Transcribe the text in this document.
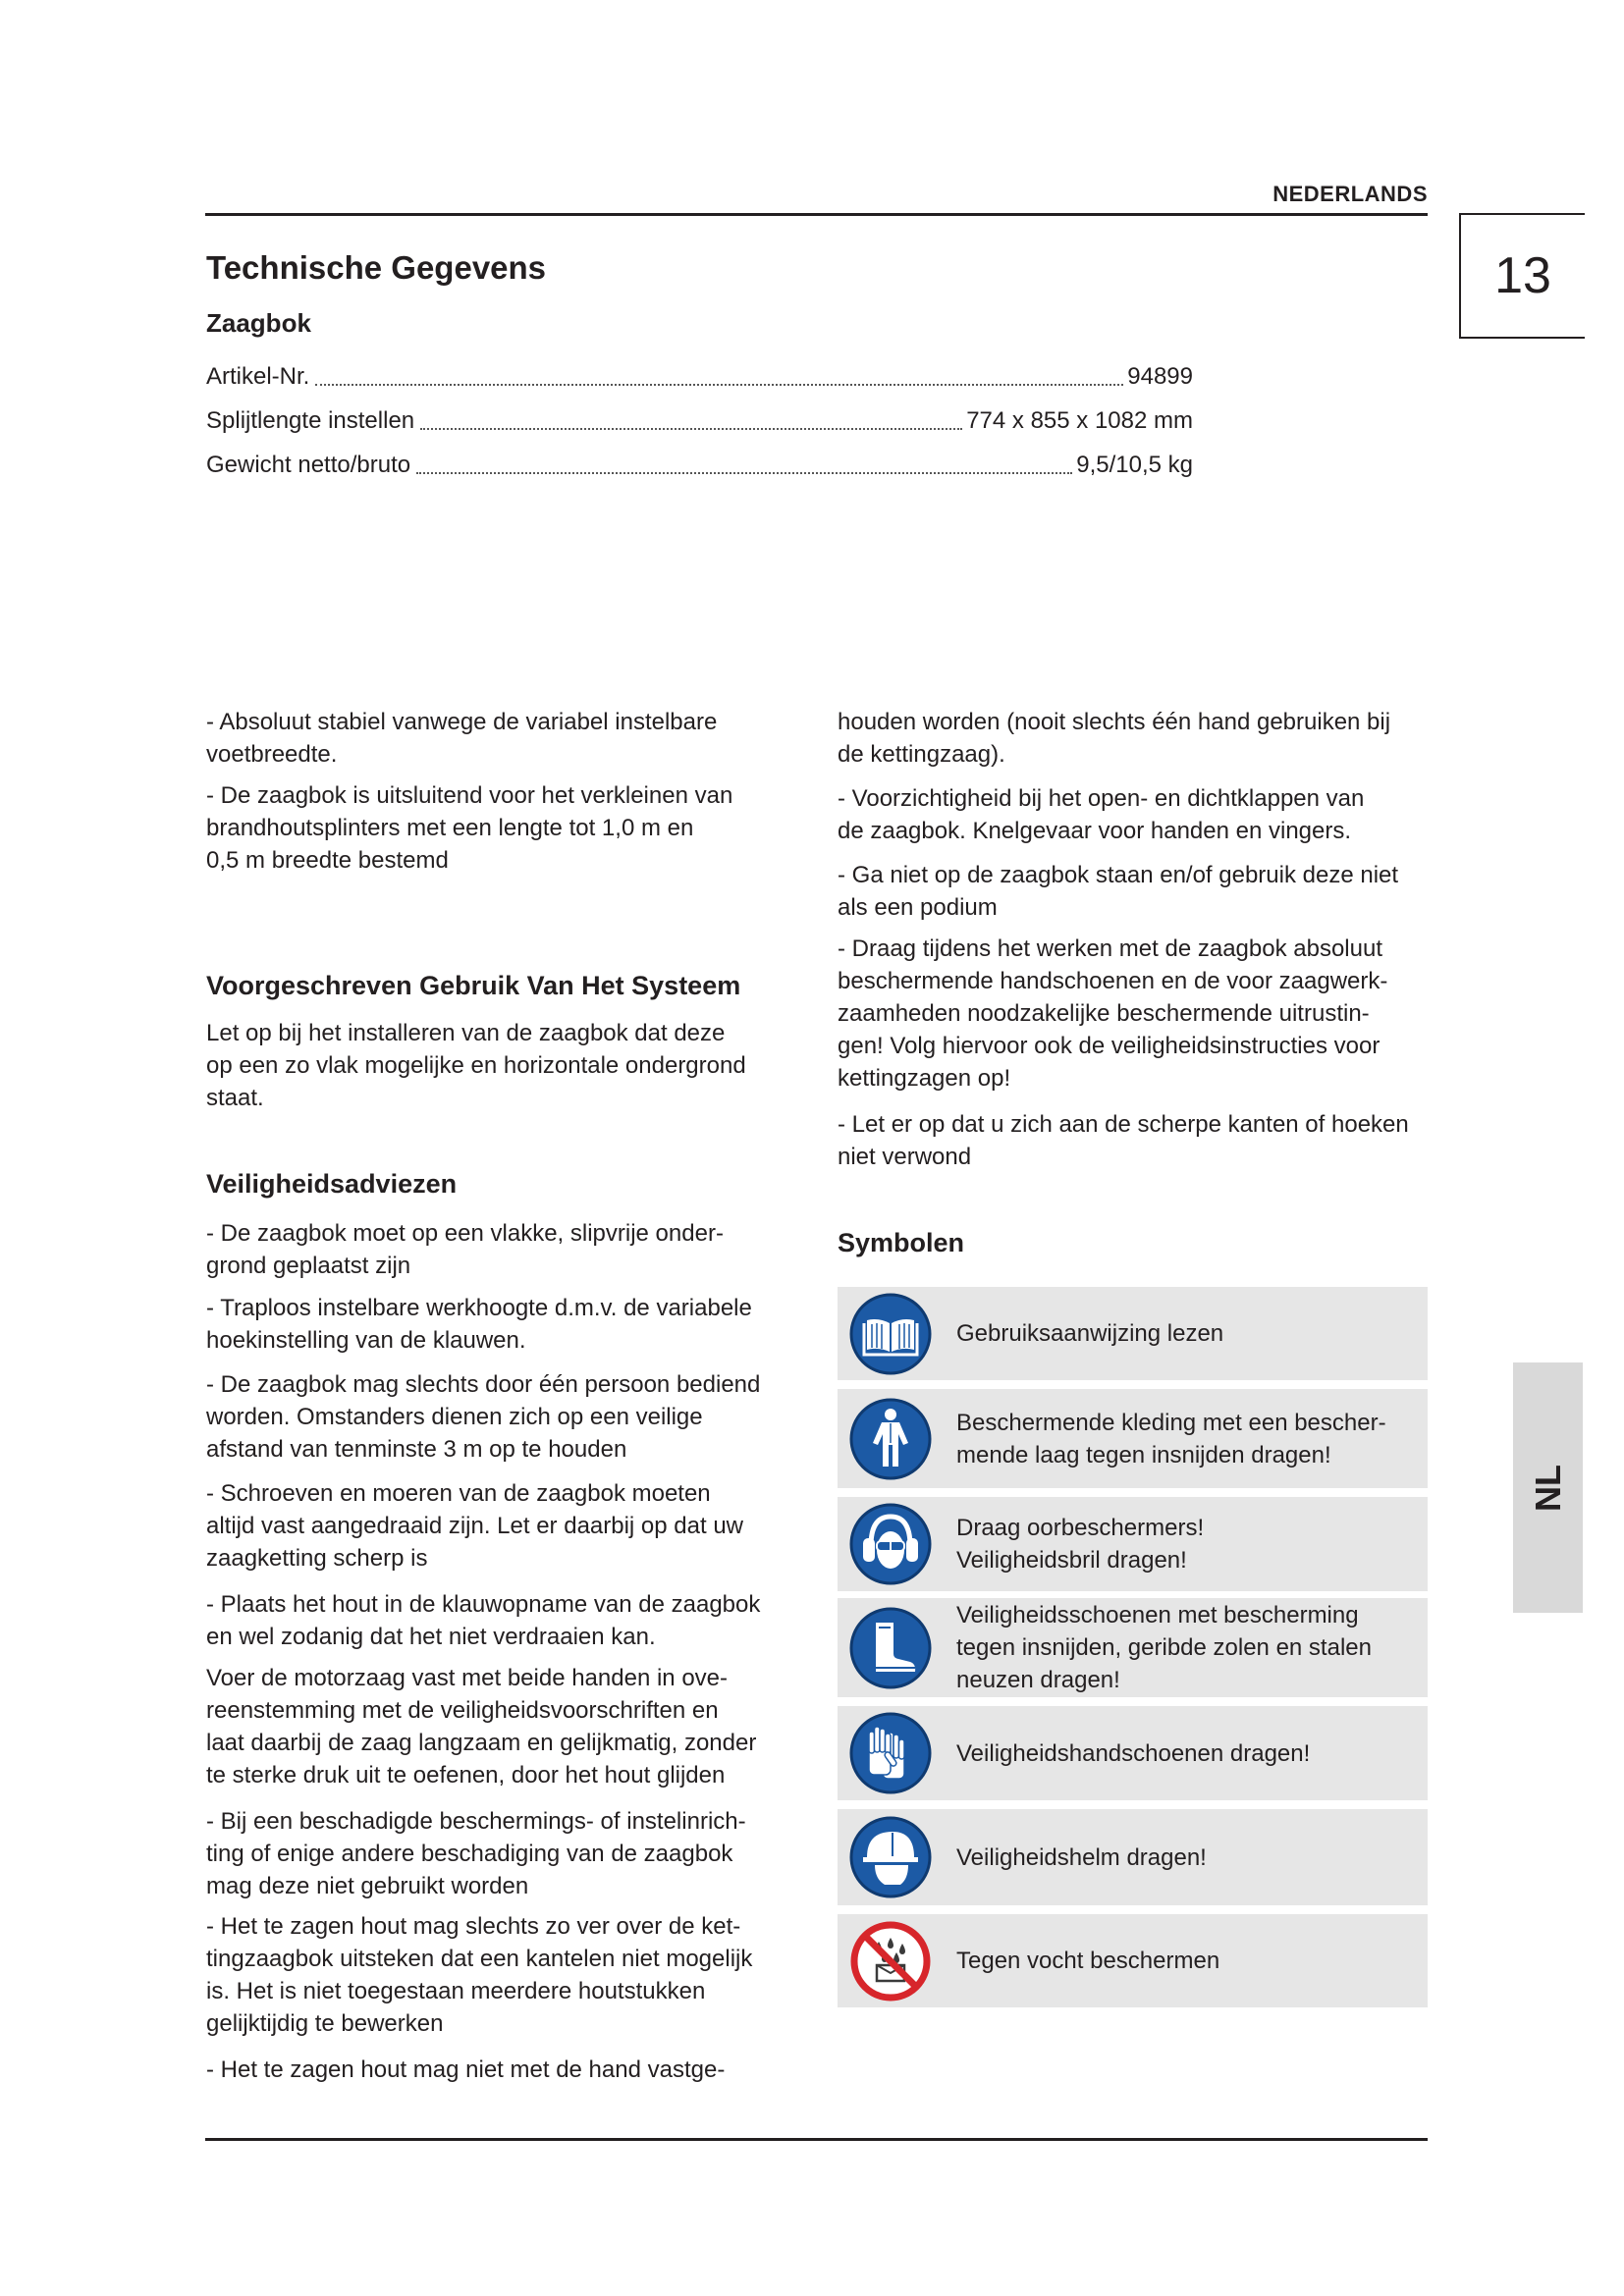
NEDERLANDS
13
Technische Gegevens
Zaagbok
Artikel-Nr.	94899
Splijtlengte instellen	774 x 855 x 1082 mm
Gewicht netto/bruto	9,5/10,5 kg
- Absoluut stabiel vanwege de variabel instelbare
voetbreedte.
- De zaagbok is uitsluitend voor het verkleinen van
brandhoutsplinters met een lengte tot 1,0 m en
0,5 m breedte bestemd
Voorgeschreven Gebruik Van Het Systeem
Let op bij het installeren van de zaagbok dat deze
op een zo vlak mogelijke en horizontale ondergrond
staat.
Veiligheidsadviezen
- De zaagbok moet op een vlakke, slipvrije onder-
grond geplaatst zijn
- Traploos instelbare werkhoogte d.m.v. de variabele
hoekinstelling van de klauwen.
- De zaagbok mag slechts door één persoon bediend
worden. Omstanders dienen zich op een veilige
afstand van tenminste 3 m op te houden
- Schroeven en moeren van de zaagbok moeten
altijd vast aangedraaid zijn. Let er daarbij op dat uw
zaagketting scherp is
- Plaats het hout in de klauwopname van de zaagbok
en wel zodanig dat het niet verdraaien kan.
Voer de motorzaag vast met beide handen in ove-
reenstemming met de veiligheidsvoorschriften en
laat daarbij de zaag langzaam en gelijkmatig, zonder
te sterke druk uit te oefenen, door het hout glijden
- Bij een beschadigde beschermings- of instelinrich-
ting of enige andere beschadiging van de zaagbok
mag deze niet gebruikt worden
- Het te zagen hout mag slechts zo ver over de ket-
tingzaagbok uitsteken dat een kantelen niet mogelijk
is. Het is niet toegestaan meerdere houtstukken
gelijktijdig te bewerken
- Het te zagen hout mag niet met de hand vastge-
houden worden (nooit slechts één hand gebruiken bij
de kettingzaag).
- Voorzichtigheid bij het open- en dichtklappen van
de zaagbok. Knelgevaar voor handen en vingers.
- Ga niet op de zaagbok staan en/of gebruik deze niet
als een podium
- Draag tijdens het werken met de zaagbok absoluut
beschermende handschoenen en de voor zaagwerk-
zaamheden noodzakelijke beschermende uitrustin-
gen! Volg hiervoor ook de veiligheidsinstructies voor
kettingzagen op!
- Let er op dat u zich aan de scherpe kanten of hoeken
niet verwond
Symbolen
Gebruiksaanwijzing lezen
Beschermende kleding met een bescher-
mende laag tegen insnijden dragen!
Draag oorbeschermers!
Veiligheidsbril dragen!
Veiligheidsschoenen met bescherming
tegen insnijden, geribde zolen en stalen
neuzen dragen!
Veiligheidshandschoenen dragen!
Veiligheidshelm dragen!
Tegen vocht beschermen
NL
